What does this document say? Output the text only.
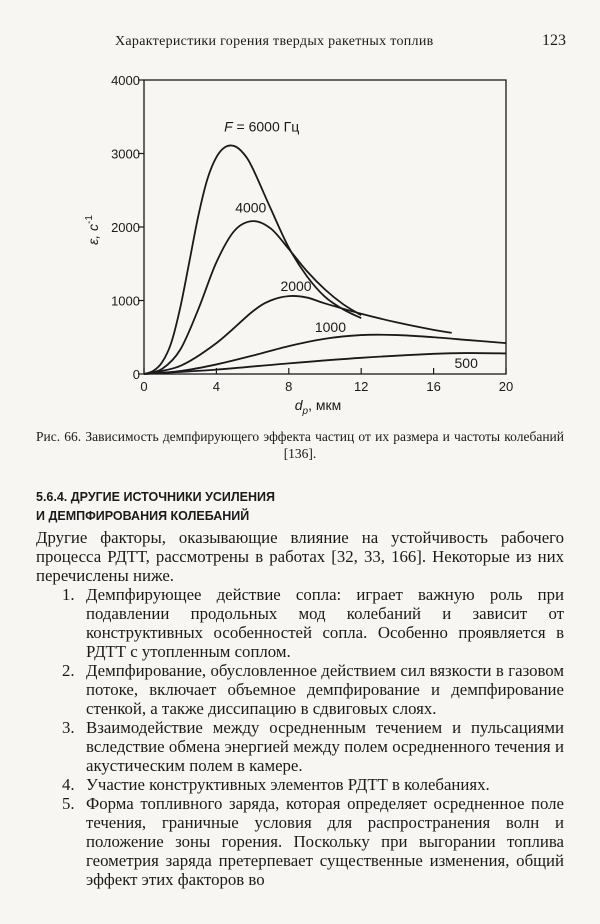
Характеристики горения твердых ракетных топлив	123
0
1000
2000
3000
4000
0	4	8	12	16	20
F = 6000 Гц
4000
2000
1000
500
ε, $с^{-1}$
$d_p$, мкм
Рис. 66. Зависимость демпфирующего эффекта частиц от их размера и частоты колебаний [136].
5.6.4. ДРУГИЕ ИСТОЧНИКИ УСИЛЕНИЯ
И ДЕМПФИРОВАНИЯ КОЛЕБАНИЙ
Другие факторы, оказывающие влияние на устойчивость рабочего процесса РДТТ, рассмотрены в работах [32, 33, 166]. Некоторые из них перечислены ниже.
1. Демпфирующее действие сопла: играет важную роль при подавлении продольных мод колебаний и зависит от конструктивных особенностей сопла. Особенно проявляется в РДТТ с утопленным соплом.
2. Демпфирование, обусловленное действием сил вязкости в газовом потоке, включает объемное демпфирование и демпфирование стенкой, а также диссипацию в сдвиговых слоях.
3. Взаимодействие между осредненным течением и пульсациями вследствие обмена энергией между полем осредненного течения и акустическим полем в камере.
4. Участие конструктивных элементов РДТТ в колебаниях.
5. Форма топливного заряда, которая определяет осредненное поле течения, граничные условия для распространения волн и положение зоны горения. Поскольку при выгорании топлива геометрия заряда претерпевает существенные изменения, общий эффект этих факторов во
